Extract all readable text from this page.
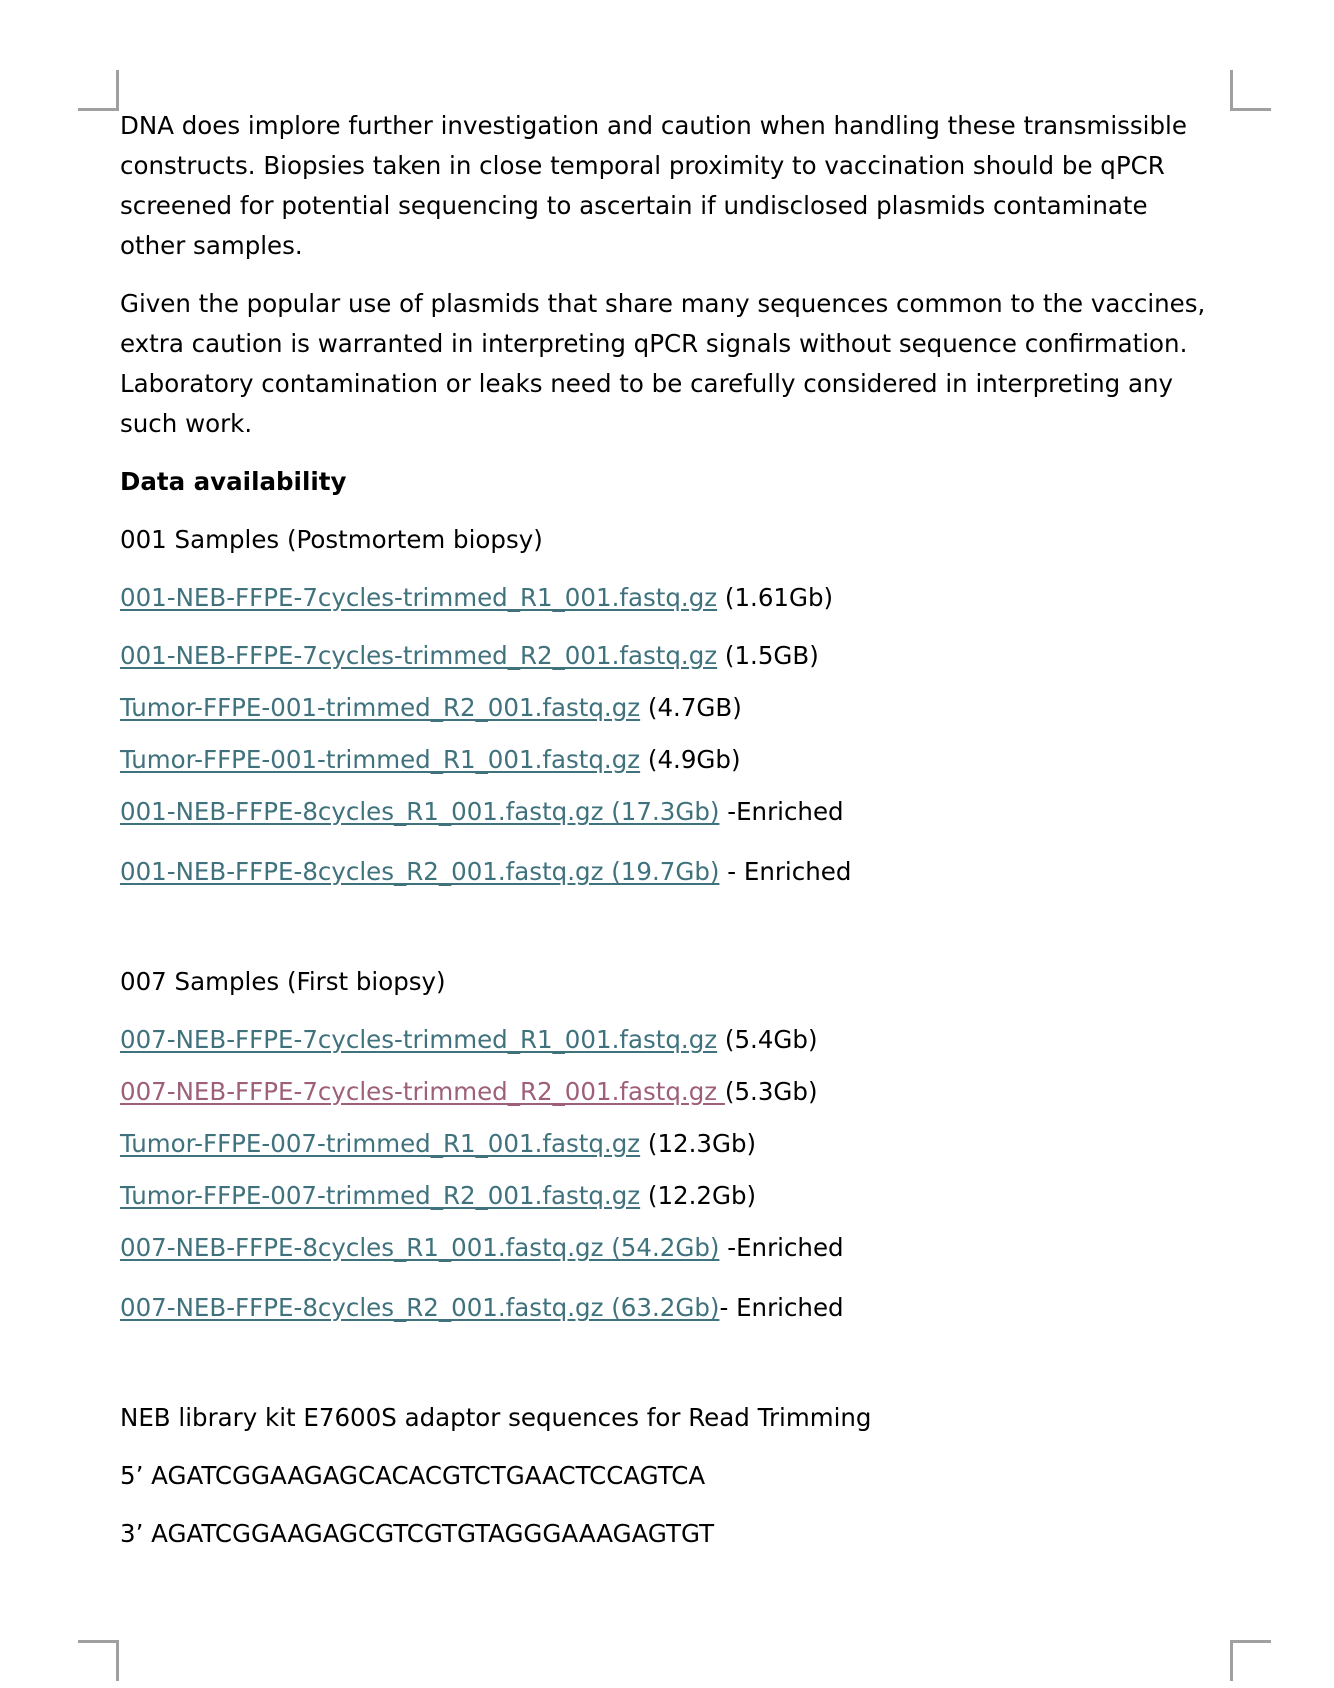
DNA does implore further investigation and caution when handling these transmissible constructs. Biopsies taken in close temporal proximity to vaccination should be qPCR screened for potential sequencing to ascertain if undisclosed plasmids contaminate other samples.

Given the popular use of plasmids that share many sequences common to the vaccines, extra caution is warranted in interpreting qPCR signals without sequence confirmation. Laboratory contamination or leaks need to be carefully considered in interpreting any such work.

Data availability

001 Samples (Postmortem biopsy)

001-NEB-FFPE-7cycles-trimmed_R1_001.fastq.gz (1.61Gb)

001-NEB-FFPE-7cycles-trimmed_R2_001.fastq.gz (1.5GB)

Tumor-FFPE-001-trimmed_R2_001.fastq.gz (4.7GB)

Tumor-FFPE-001-trimmed_R1_001.fastq.gz (4.9Gb)

001-NEB-FFPE-8cycles_R1_001.fastq.gz (17.3Gb) -Enriched

001-NEB-FFPE-8cycles_R2_001.fastq.gz (19.7Gb) - Enriched

007 Samples (First biopsy)

007-NEB-FFPE-7cycles-trimmed_R1_001.fastq.gz (5.4Gb)

007-NEB-FFPE-7cycles-trimmed_R2_001.fastq.gz (5.3Gb)

Tumor-FFPE-007-trimmed_R1_001.fastq.gz (12.3Gb)

Tumor-FFPE-007-trimmed_R2_001.fastq.gz (12.2Gb)

007-NEB-FFPE-8cycles_R1_001.fastq.gz (54.2Gb) -Enriched

007-NEB-FFPE-8cycles_R2_001.fastq.gz (63.2Gb)- Enriched

NEB library kit E7600S adaptor sequences for Read Trimming

5’ AGATCGGAAGAGCACACGTCTGAACTCCAGTCA

3’ AGATCGGAAGAGCGTCGTGTAGGGAAAGAGTGT
